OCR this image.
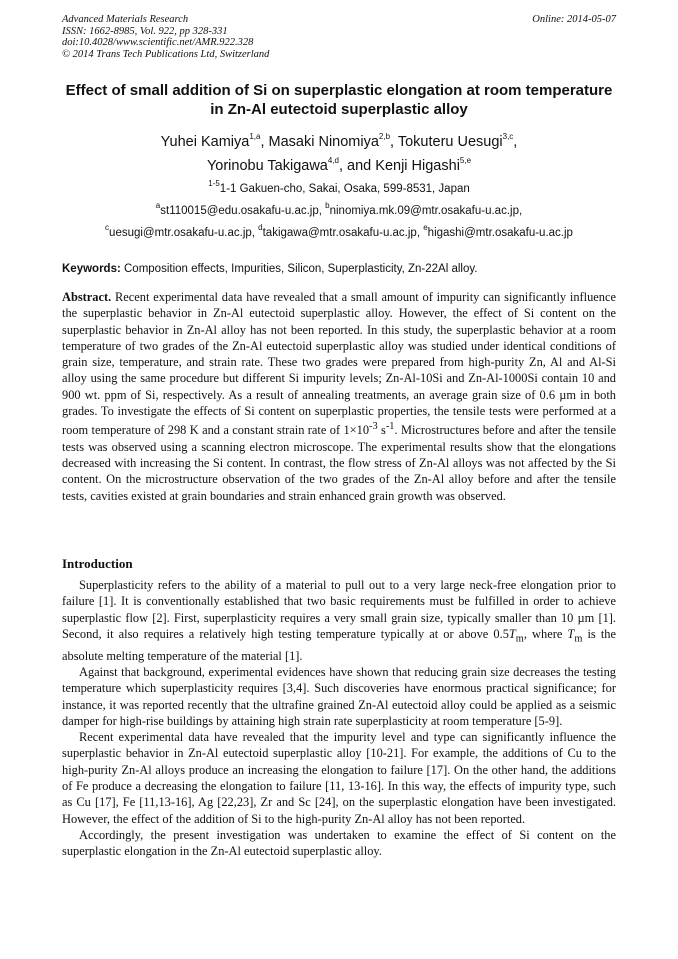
Advanced Materials Research
ISSN: 1662-8985, Vol. 922, pp 328-331
doi:10.4028/www.scientific.net/AMR.922.328
© 2014 Trans Tech Publications Ltd, Switzerland
Online: 2014-05-07
Effect of small addition of Si on superplastic elongation at room temperature in Zn-Al eutectoid superplastic alloy
Yuhei Kamiya$^{1,a}$, Masaki Ninomiya$^{2,b}$, Tokuteru Uesugi$^{3,c}$,
Yorinobu Takigawa$^{4,d}$, and Kenji Higashi$^{5,e}$
$^{1-5}$1-1 Gakuen-cho, Sakai, Osaka, 599-8531, Japan
$^a$st110015@edu.osakafu-u.ac.jp, $^b$ninomiya.mk.09@mtr.osakafu-u.ac.jp,
$^c$uesugi@mtr.osakafu-u.ac.jp, $^d$takigawa@mtr.osakafu-u.ac.jp, $^e$higashi@mtr.osakafu-u.ac.jp
Keywords: Composition effects, Impurities, Silicon, Superplasticity, Zn-22Al alloy.
Abstract. Recent experimental data have revealed that a small amount of impurity can significantly influence the superplastic behavior in Zn-Al eutectoid superplastic alloy. However, the effect of Si content on the superplastic behavior in Zn-Al alloy has not been reported. In this study, the superplastic behavior at a room temperature of two grades of the Zn-Al eutectoid superplastic alloy was studied under identical conditions of grain size, temperature, and strain rate. These two grades were prepared from high-purity Zn, Al and Al-Si alloy using the same procedure but different Si impurity levels; Zn-Al-10Si and Zn-Al-1000Si contain 10 and 900 wt. ppm of Si, respectively. As a result of annealing treatments, an average grain size of 0.6 µm in both grades. To investigate the effects of Si content on superplastic properties, the tensile tests were performed at a room temperature of 298 K and a constant strain rate of $1\times 10^{-3}$ $s^{-1}$. Microstructures before and after the tensile tests was observed using a scanning electron microscope. The experimental results show that the elongations decreased with increasing the Si content. In contrast, the flow stress of Zn-Al alloys was not affected by the Si content. On the microstructure observation of the two grades of the Zn-Al alloy before and after the tensile tests, cavities existed at grain boundaries and strain enhanced grain growth was observed.
Introduction

Superplasticity refers to the ability of a material to pull out to a very large neck-free elongation prior to failure [1]. It is conventionally established that two basic requirements must be fulfilled in order to achieve superplastic flow [2]. First, superplasticity requires a very small grain size, typically smaller than 10 µm [1]. Second, it also requires a relatively high testing temperature typically at or above $0.5T_m$, where $T_m$ is the absolute melting temperature of the material [1].

Against that background, experimental evidences have shown that reducing grain size decreases the testing temperature which superplasticity requires [3,4]. Such discoveries have enormous practical significance; for instance, it was reported recently that the ultrafine grained Zn-Al eutectoid alloy could be applied as a seismic damper for high-rise buildings by attaining high strain rate superplasticity at room temperature [5-9].

Recent experimental data have revealed that the impurity level and type can significantly influence the superplastic behavior in Zn-Al eutectoid superplastic alloy [10-21]. For example, the additions of Cu to the high-purity Zn-Al alloys produce an increasing the elongation to failure [17]. On the other hand, the additions of Fe produce a decreasing the elongation to failure [11, 13-16]. In this way, the effects of impurity type, such as Cu [17], Fe [11,13-16], Ag [22,23], Zr and Sc [24], on the superplastic elongation have been investigated. However, the effect of the addition of Si to the high-purity Zn-Al alloy has not been reported.

Accordingly, the present investigation was undertaken to examine the effect of Si content on the superplastic elongation in the Zn-Al eutectoid superplastic alloy.
